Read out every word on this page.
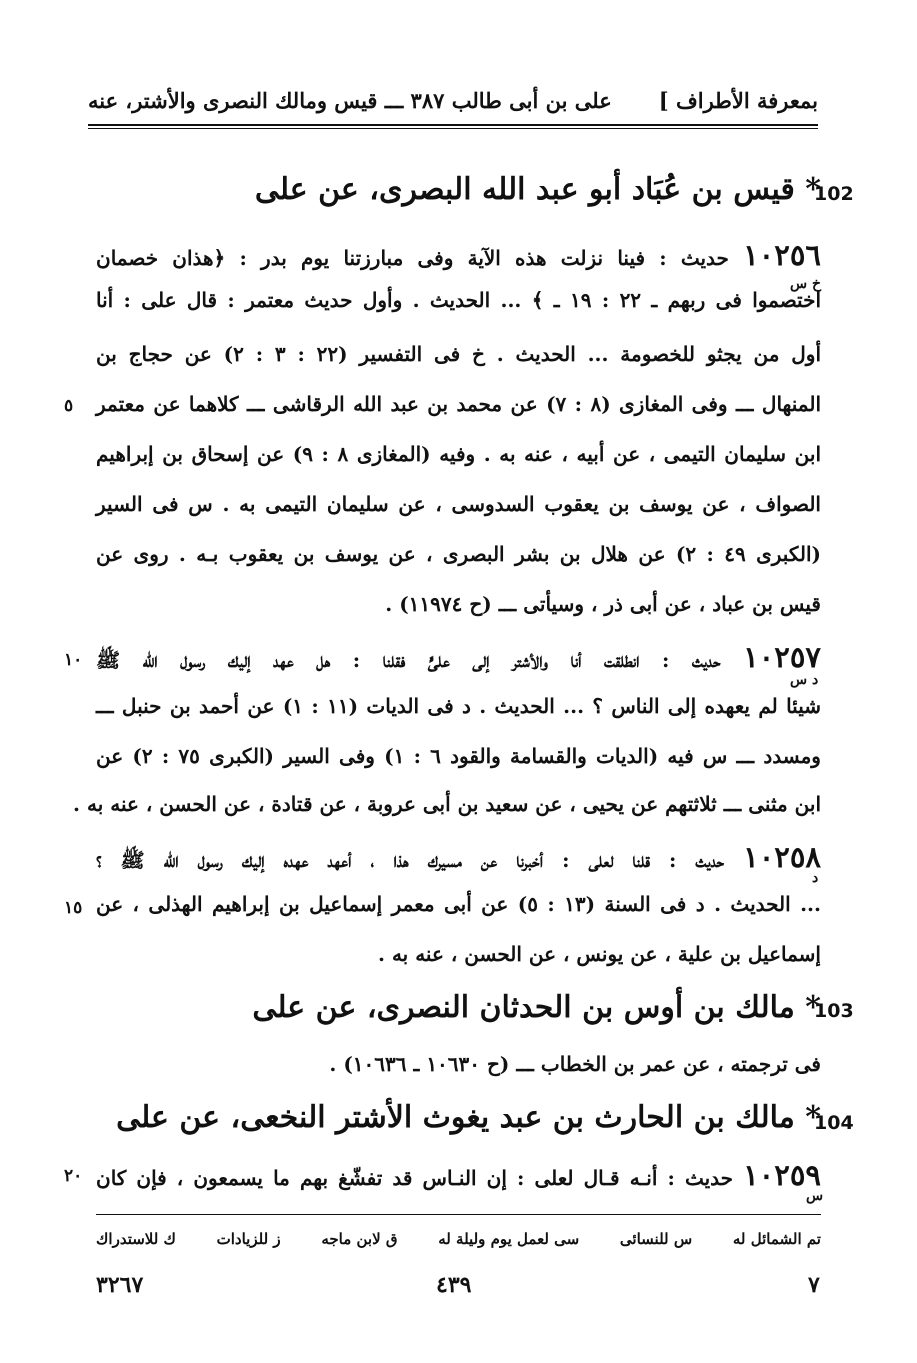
بمعرفة الأطراف ]
على بن أبى طالب ٣٨٧ ـــ قيس ومالك النصرى والأشتر، عنه
102
* قيس بن عُبَاد أبو عبد الله البصرى، عن على
١٠٢٥٦ حديث : فينا نزلت هذه الآية وفى مبارزتنا يوم بدر : ﴿هذان خصمان
خ س
اختصموا فى ربهم ـ ٢٢ : ١٩ ـ ﴾ ... الحديث . وأول حديث معتمر : قال على : أنا
أول من يجثو للخصومة ... الحديث . خ فى التفسير (٢٢ : ٣ : ٢) عن حجاج بن
المنهال ـــ وفى المغازى (٨ : ٧) عن محمد بن عبد الله الرقاشى ـــ كلاهما عن معتمر
٥
ابن سليمان التيمى ، عن أبيه ، عنه به . وفيه (المغازى ٨ : ٩) عن إسحاق بن إبراهيم
الصواف ، عن يوسف بن يعقوب السدوسى ، عن سليمان التيمى به . س فى السير
(الكبرى ٤٩ : ٢) عن هلال بن بشر البصرى ، عن يوسف بن يعقوب بـه . روى عن
قيس بن عباد ، عن أبى ذر ، وسيأتى ـــ (ح ١١٩٧٤) .
١٠٢٥٧ حديث : انطلقت أنا والأشتر إلى علىٍّ فقلنا : هل عهد إليك رسول الله ﷺ
١٠
د س
شيئا لم يعهده إلى الناس ؟ ... الحديث . د فى الديات (١١ : ١) عن أحمد بن حنبل ـــ
ومسدد ـــ س فيه (الديات والقسامة والقود ٦ : ١) وفى السير (الكبرى ٧٥ : ٢) عن
ابن مثنى ـــ ثلاثتهم عن يحيى ، عن سعيد بن أبى عروبة ، عن قتادة ، عن الحسن ، عنه به .
١٠٢٥٨ حديث : قلنا لعلى : أخبرنا عن مسيرك هذا ، أعهد عهده إليك رسول الله ﷺ ؟
د
... الحديث . د فى السنة (١٣ : ٥) عن أبى معمر إسماعيل بن إبراهيم الهذلى ، عن
١٥
إسماعيل بن علية ، عن يونس ، عن الحسن ، عنه به .
103
* مالك بن أوس بن الحدثان النصرى، عن على
فى ترجمته ، عن عمر بن الخطاب ـــ (ح ١٠٦٣٠ ـ ١٠٦٣٦) .
104
* مالك بن الحارث بن عبد يغوث الأشتر النخعى، عن على
١٠٢٥٩ حديث : أنـه قـال لعلى : إن النـاس قد تفشّغ بهم ما يسمعون ، فإن كان
٢٠
س
تم الشمائل له
س للنسائى
سى لعمل يوم وليلة له
ق لابن ماجه
ز للزيادات
ك للاستدراك
٣٢٦٧	٤٣٩	٧
